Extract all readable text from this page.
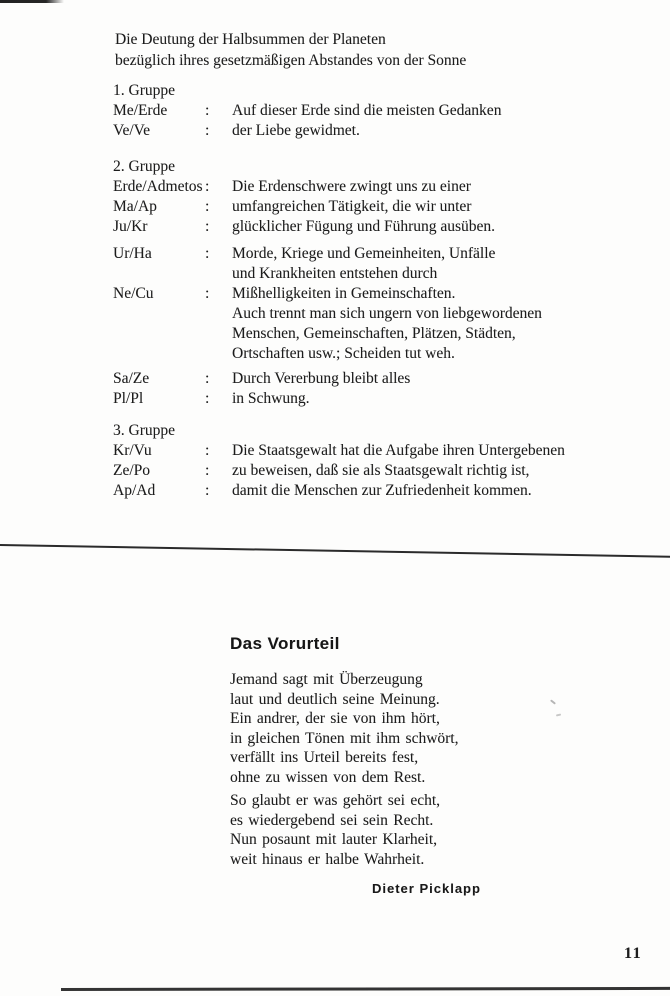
Die Deutung der Halbsummen der Planeten
bezüglich ihres gesetzmäßigen Abstandes von der Sonne
1. Gruppe
Me/Erde	:	Auf dieser Erde sind die meisten Gedanken
Ve/Ve	:	der Liebe gewidmet.
2. Gruppe
Erde/Admetos :	Die Erdenschwere zwingt uns zu einer
Ma/Ap	:	umfangreichen Tätigkeit, die wir unter
Ju/Kr	:	glücklicher Fügung und Führung ausüben.
Ur/Ha	:	Morde, Kriege und Gemeinheiten, Unfälle
und Krankheiten entstehen durch
Ne/Cu	:	Mißhelligkeiten in Gemeinschaften.
Auch trennt man sich ungern von liebgewordenen
Menschen, Gemeinschaften, Plätzen, Städten,
Ortschaften usw.; Scheiden tut weh.
Sa/Ze	:	Durch Vererbung bleibt alles
Pl/Pl	:	in Schwung.
3. Gruppe
Kr/Vu	:	Die Staatsgewalt hat die Aufgabe ihren Untergebenen
Ze/Po	:	zu beweisen, daß sie als Staatsgewalt richtig ist,
Ap/Ad	:	damit die Menschen zur Zufriedenheit kommen.
Das Vorurteil

Jemand sagt mit Überzeugung

laut und deutlich seine Meinung.

Ein andrer, der sie von ihm hört,

in gleichen Tönen mit ihm schwört,

verfällt ins Urteil bereits fest,

ohne zu wissen von dem Rest.

So glaubt er was gehört sei echt,

es wiedergebend sei sein Recht.

Nun posaunt mit lauter Klarheit,

weit hinaus er halbe Wahrheit.

Dieter Picklapp
11
